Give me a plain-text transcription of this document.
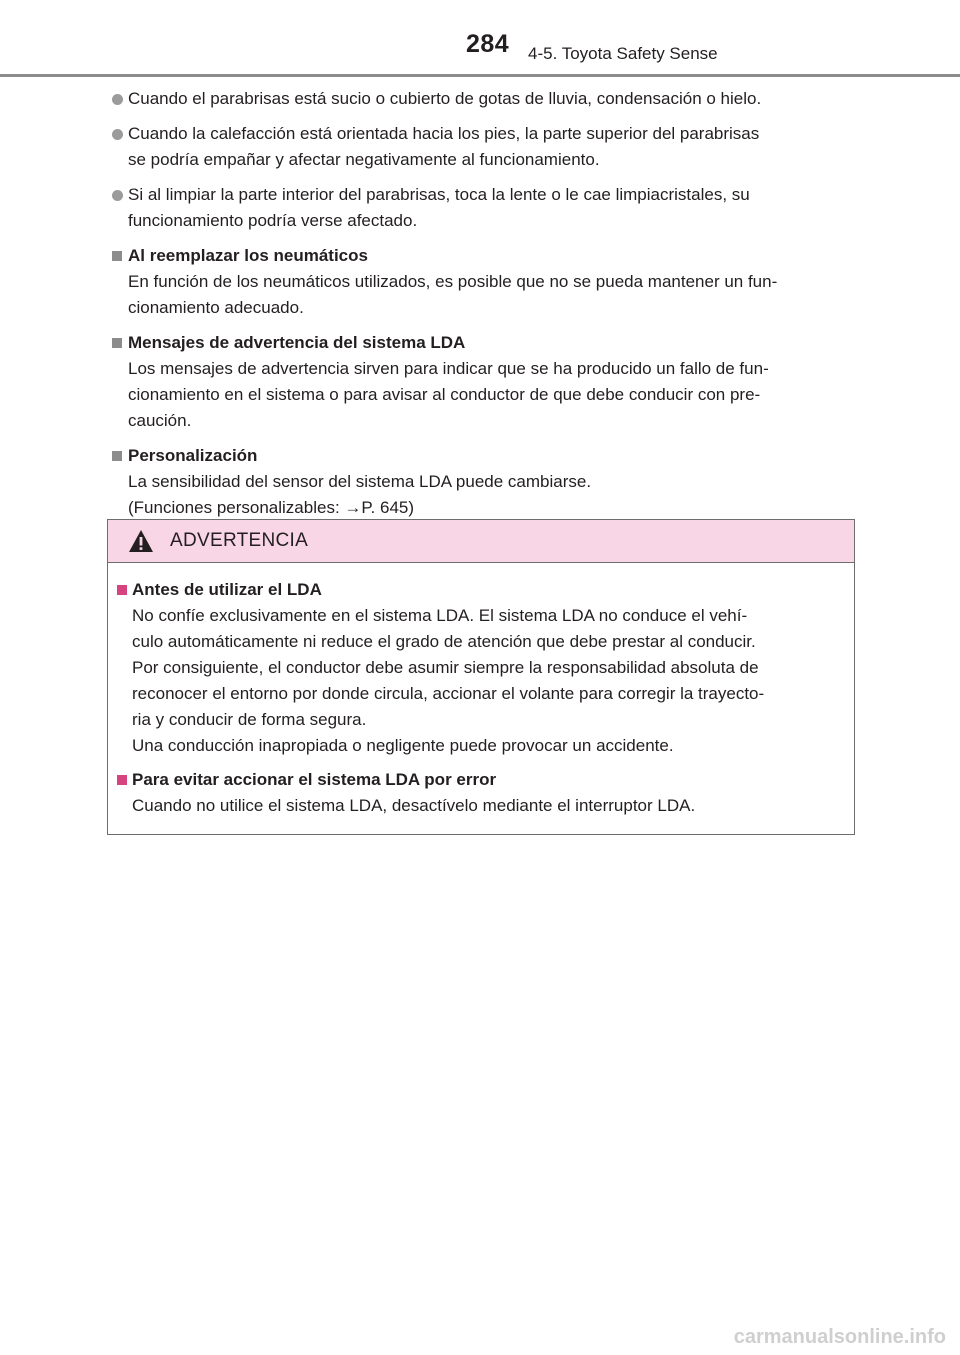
284 4-5. Toyota Safety Sense
Cuando el parabrisas está sucio o cubierto de gotas de lluvia, condensación o hielo.
Cuando la calefacción está orientada hacia los pies, la parte superior del parabrisas
se podría empañar y afectar negativamente al funcionamiento.
Si al limpiar la parte interior del parabrisas, toca la lente o le cae limpiacristales, su
funcionamiento podría verse afectado.
Al reemplazar los neumáticos
En función de los neumáticos utilizados, es posible que no se pueda mantener un fun-
cionamiento adecuado.
Mensajes de advertencia del sistema LDA
Los mensajes de advertencia sirven para indicar que se ha producido un fallo de fun-
cionamiento en el sistema o para avisar al conductor de que debe conducir con pre-
caución.
Personalización
La sensibilidad del sensor del sistema LDA puede cambiarse.
(Funciones personalizables: →P. 645)
ADVERTENCIA
Antes de utilizar el LDA
No confíe exclusivamente en el sistema LDA. El sistema LDA no conduce el vehí-
culo automáticamente ni reduce el grado de atención que debe prestar al conducir.
Por consiguiente, el conductor debe asumir siempre la responsabilidad absoluta de
reconocer el entorno por donde circula, accionar el volante para corregir la trayecto-
ria y conducir de forma segura.
Una conducción inapropiada o negligente puede provocar un accidente.
Para evitar accionar el sistema LDA por error
Cuando no utilice el sistema LDA, desactívelo mediante el interruptor LDA.
carmanualsonline.info
